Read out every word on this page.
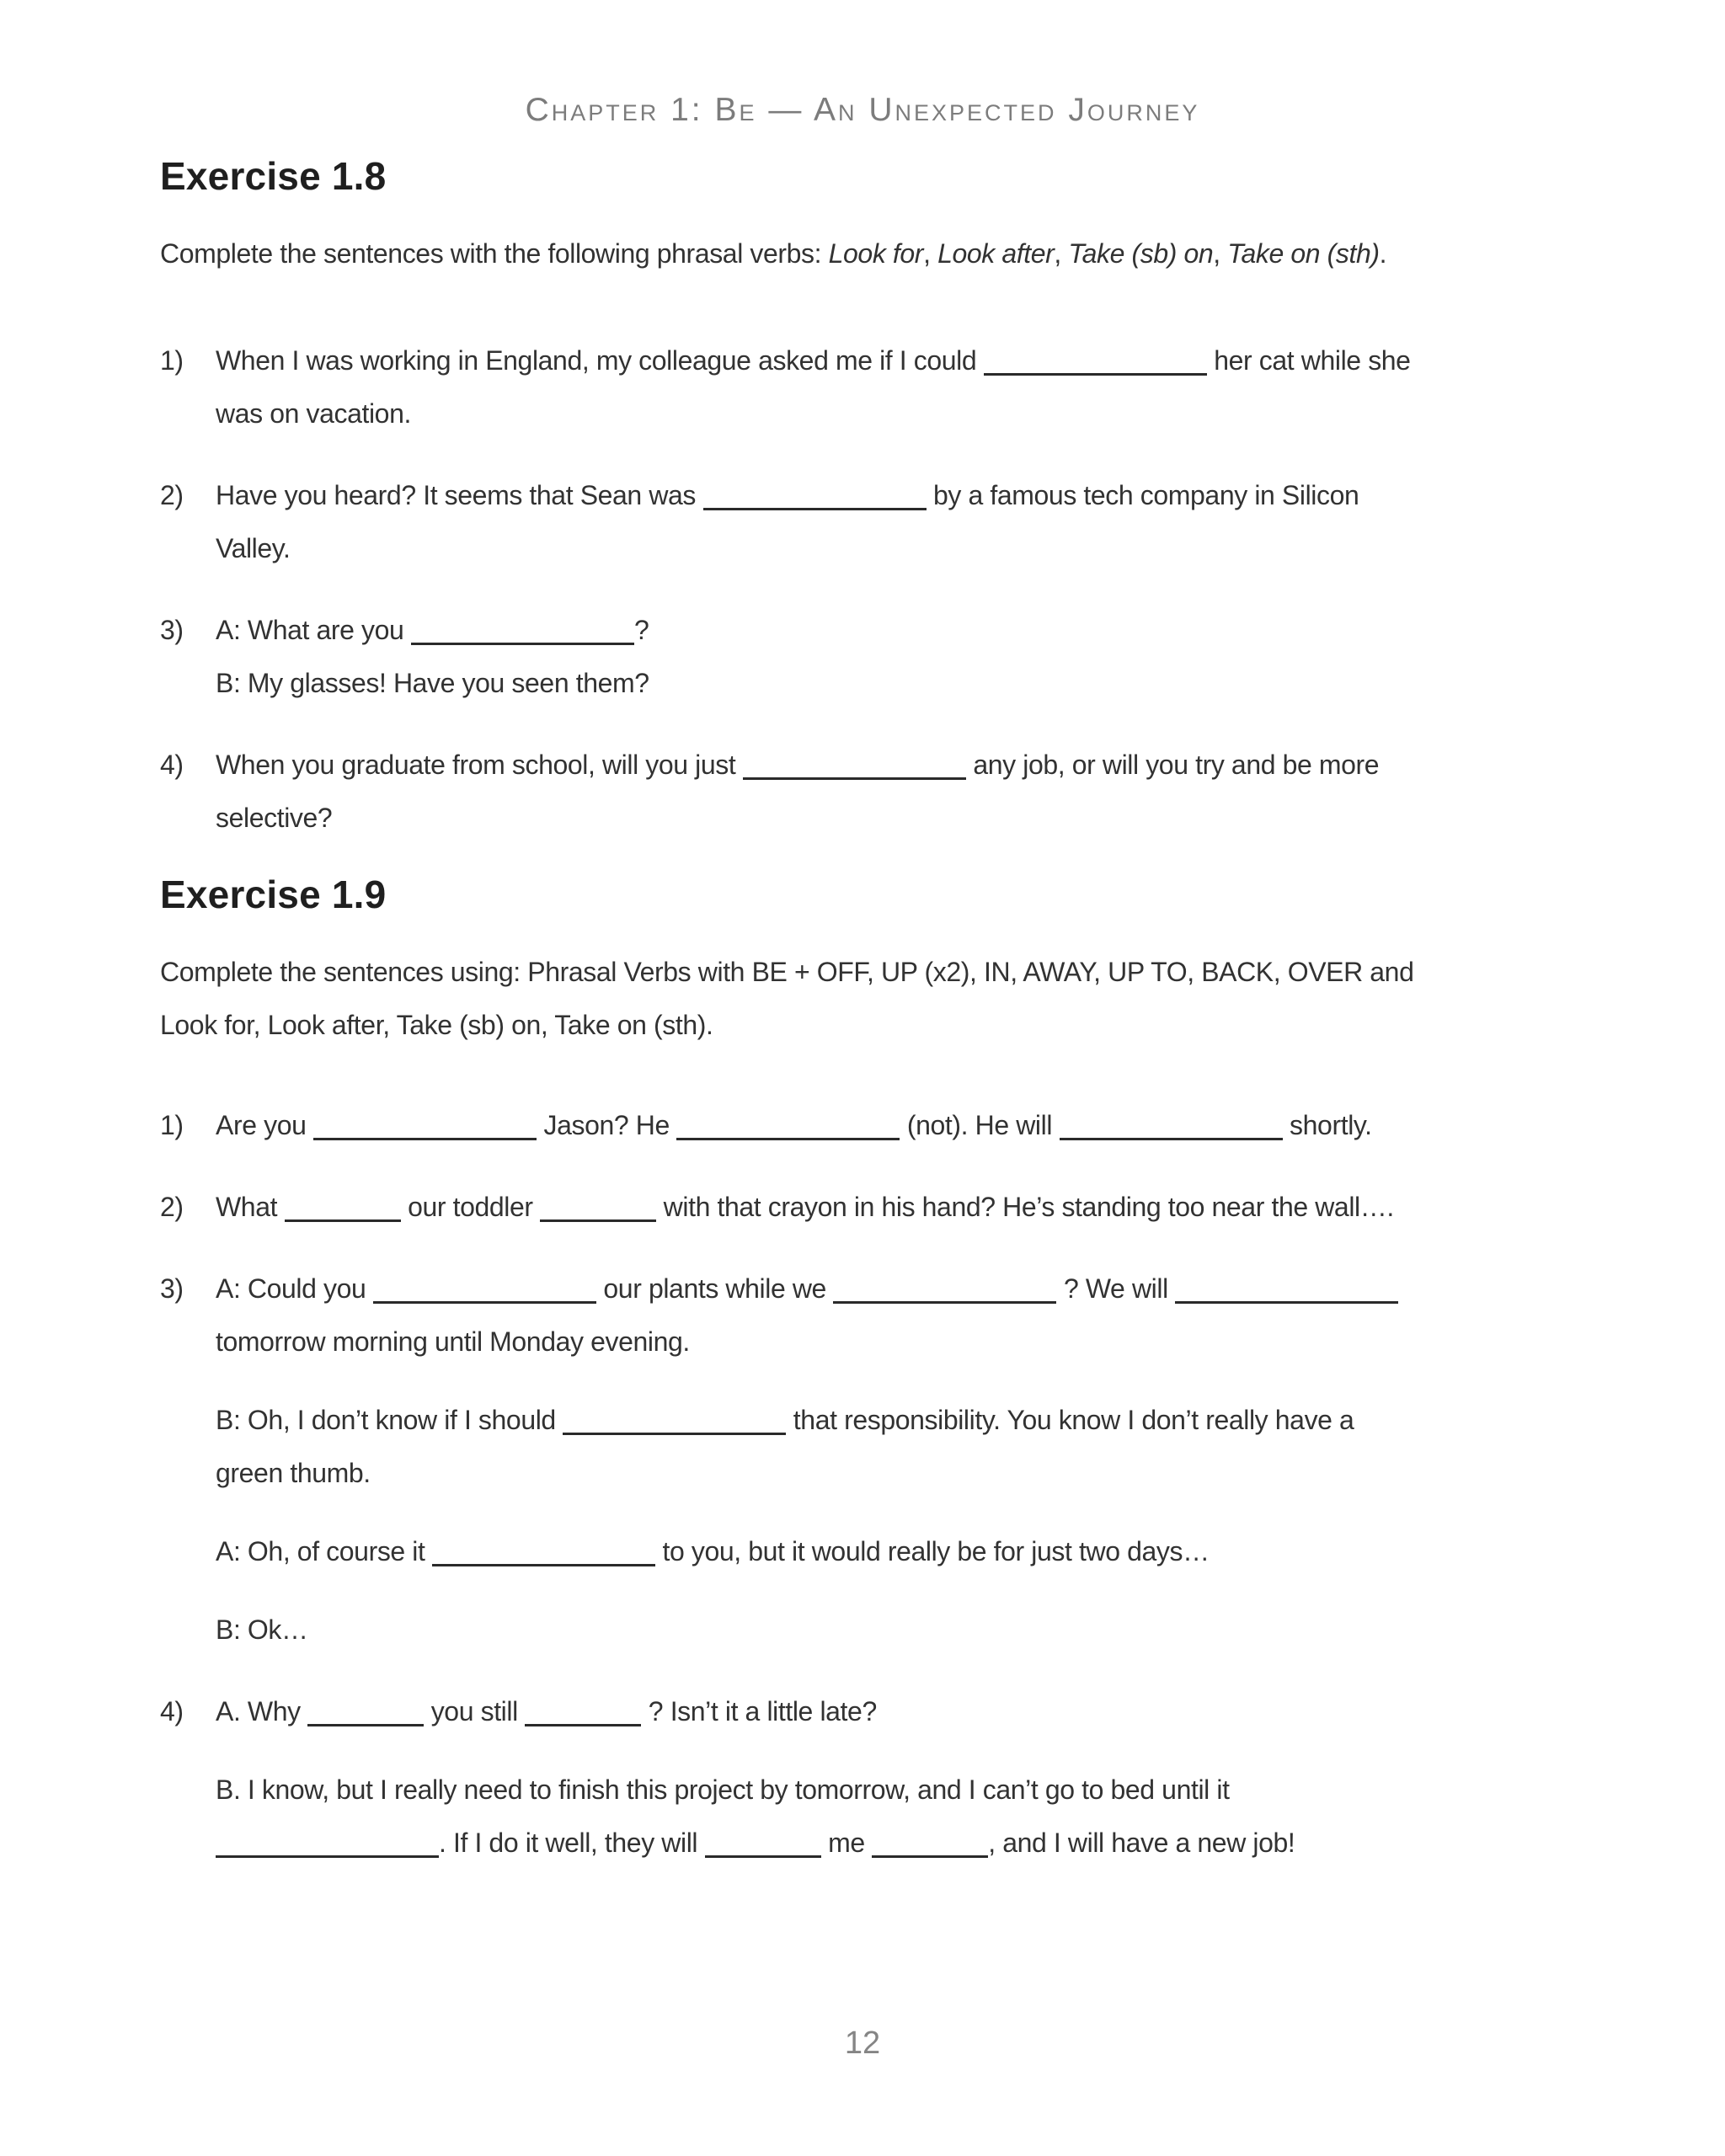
Chapter 1: Be — An Unexpected Journey
Exercise 1.8
Complete the sentences with the following phrasal verbs: Look for, Look after, Take (sb) on, Take on (sth).
1)	When I was working in England, my colleague asked me if I could	her cat while she
was on vacation.
2)	Have you heard? It seems that Sean was	by a famous tech company in Silicon
Valley.
3)	A: What are you	?
B: My glasses! Have you seen them?
4)	When you graduate from school, will you just	any job, or will you try and be more
selective?
Exercise 1.9
Complete the sentences using: Phrasal Verbs with BE + OFF, UP (x2), IN, AWAY, UP TO, BACK, OVER and
Look for, Look after, Take (sb) on, Take on (sth).
1)	Are you	Jason? He	(not). He will	shortly.
2)	What	our toddler	with that crayon in his hand? He’s standing too near the wall….
3)	A: Could you	our plants while we	? We will
tomorrow morning until Monday evening.
B: Oh, I don’t know if I should	that responsibility. You know I don’t really have a
green thumb.
A: Oh, of course it	to you, but it would really be for just two days…
B: Ok…
4)	A. Why	you still	? Isn’t it a little late?
B. I know, but I really need to finish this project by tomorrow, and I can’t go to bed until it
. If I do it well, they will	me	, and I will have a new job!
12
